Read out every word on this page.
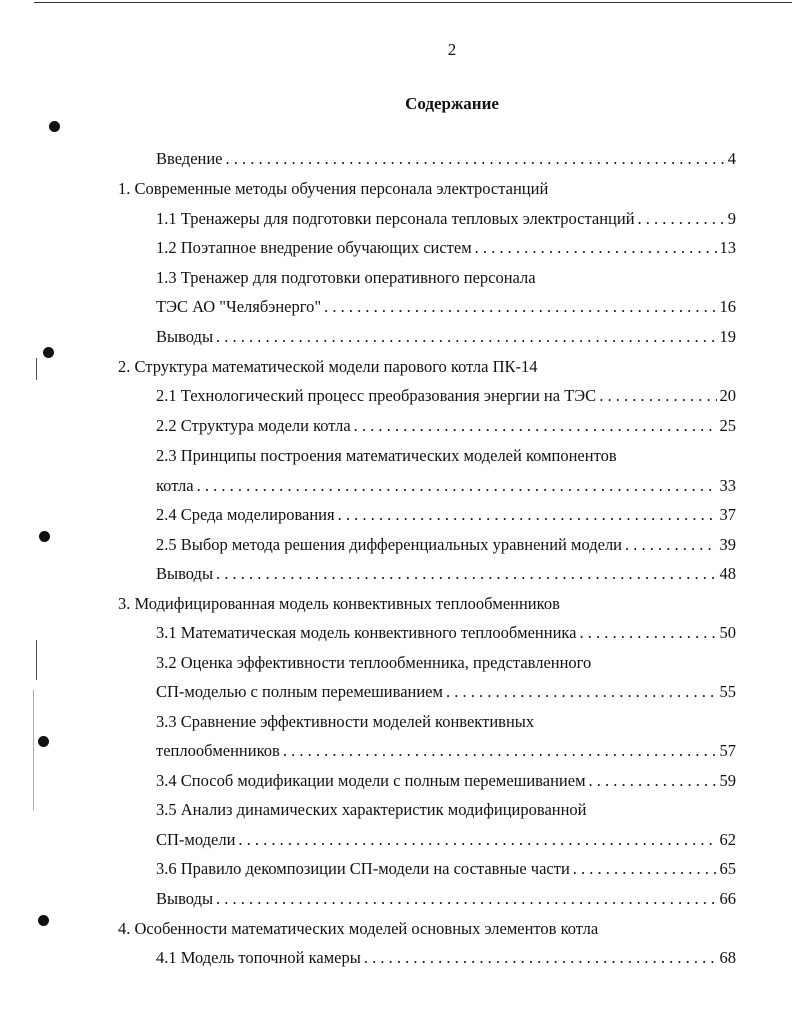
2
Содержание
Введение . . .	4
1. Современные методы обучения персонала электростанций
1.1 Тренажеры для подготовки персонала тепловых электростанций . . .	9
1.2 Поэтапное внедрение обучающих систем . . .	13
1.3 Тренажер для подготовки оперативного персонала
ТЭС АО "Челябэнерго" . . .	16
Выводы . . .	19
2. Структура математической модели парового котла ПК-14
2.1 Технологический процесс преобразования энергии на ТЭС . . .	20
2.2 Структура модели котла . . .	25
2.3 Принципы построения математических моделей компонентов
котла . . .	33
2.4 Среда моделирования . . .	37
2.5 Выбор метода решения дифференциальных уравнений модели . . .	39
Выводы . . .	48
3. Модифицированная модель конвективных теплообменников
3.1 Математическая модель конвективного теплообменника . . .	50
3.2 Оценка эффективности теплообменника, представленного
СП-моделью с полным перемешиванием . . .	55
3.3 Сравнение эффективности моделей конвективных
теплообменников . . .	57
3.4 Способ модификации модели с полным перемешиванием . . .	59
3.5 Анализ динамических характеристик модифицированной
СП-модели . . .	62
3.6 Правило декомпозиции СП-модели на составные части . . .	65
Выводы . . .	66
4. Особенности математических моделей основных элементов котла
4.1 Модель топочной камеры . . .	68
